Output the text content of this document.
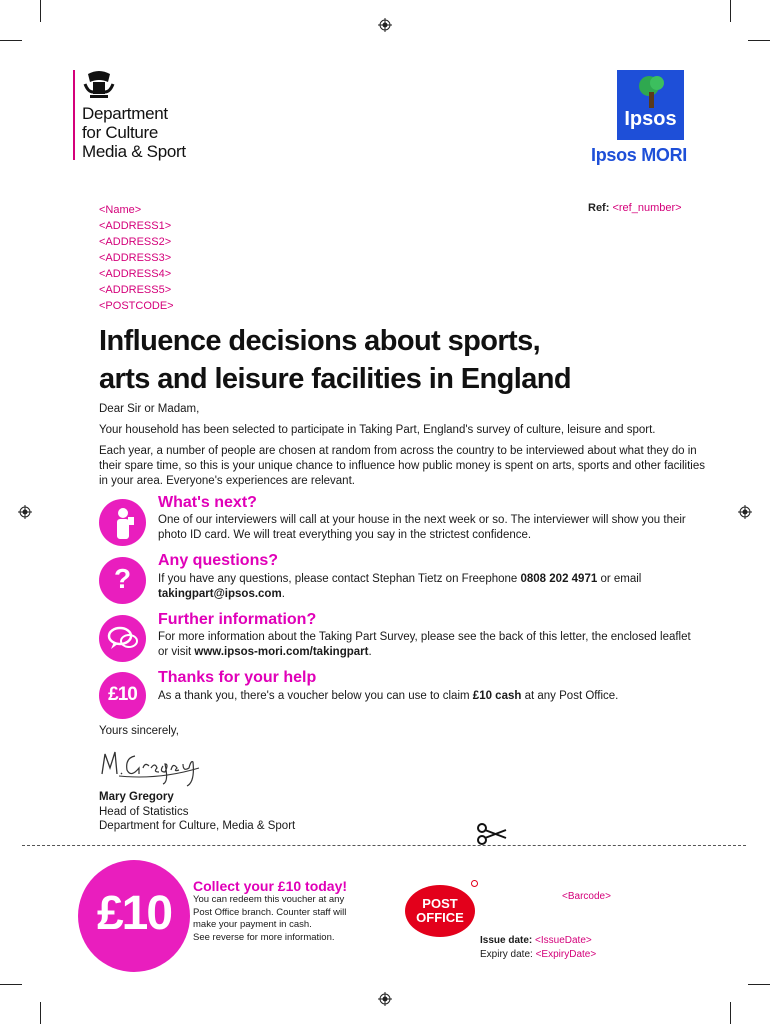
Department
for Culture
Media & Sport
Ipsos
Ipsos MORI
<Name>
<ADDRESS1>
<ADDRESS2>
<ADDRESS3>
<ADDRESS4>
<ADDRESS5>
<POSTCODE>
Ref: <ref_number>
Influence decisions about sports,
arts and leisure facilities in England
Dear Sir or Madam,
Your household has been selected to participate in Taking Part, England's survey of culture, leisure and sport.
Each year, a number of people are chosen at random from across the country to be interviewed about what they do in their spare time, so this is your unique chance to influence how public money is spent on arts, sports and other facilities in your area. Everyone's experiences are relevant.
What's next?
One of our interviewers will call at your house in the next week or so. The interviewer will show you their photo ID card. We will treat everything you say in the strictest confidence.
?
Any questions?
If you have any questions, please contact Stephan Tietz on Freephone 0808 202 4971 or email takingpart@ipsos.com.
Further information?
For more information about the Taking Part Survey, please see the back of this letter, the enclosed leaflet or visit www.ipsos-mori.com/takingpart.
£10
Thanks for your help
As a thank you, there's a voucher below you can use to claim £10 cash at any Post Office.
Yours sincerely,
Mary Gregory
Head of Statistics
Department for Culture, Media & Sport
£10
Collect your £10 today!
You can redeem this voucher at any
Post Office branch. Counter staff will
make your payment in cash.
See reverse for more information.
POST
OFFICE
<Barcode>
Issue date: <IssueDate>
Expiry date: <ExpiryDate>
